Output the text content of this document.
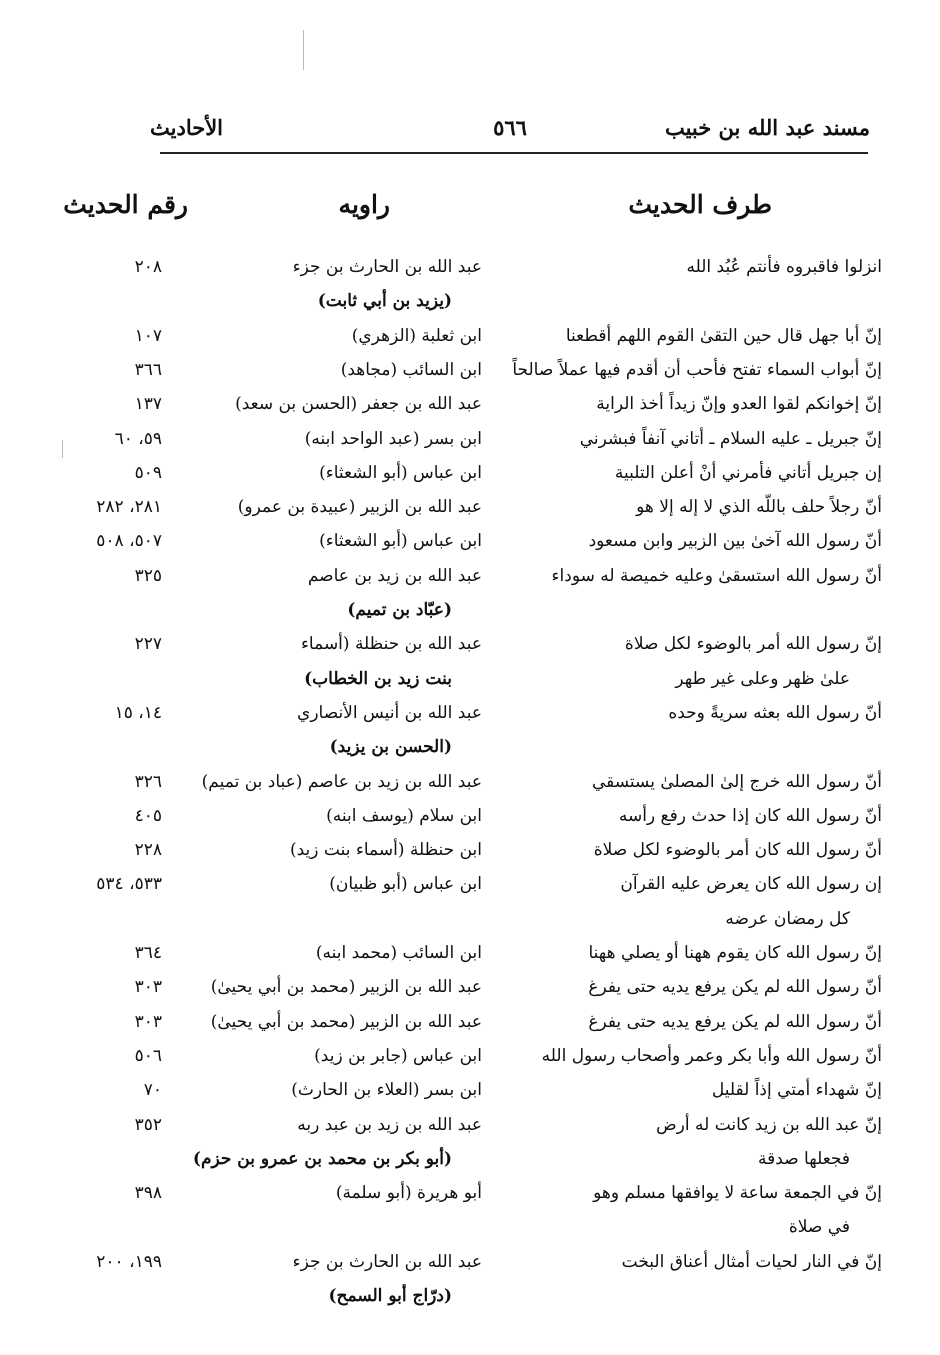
مسند عبد الله بن خبيب
٥٦٦
الأحاديث
طرف الحديث
راويه
رقم الحديث
انزلوا فاقبروه فأنتم عُبُد الله
عبد الله بن الحارث بن جزء
٢٠٨
(يزيد بن أبي ثابت)
إنّ أبا جهل قال حين التقىٰ القوم اللهم أقطعنا
ابن ثعلبة (الزهري)
١٠٧
إنّ أبواب السماء تفتح فأحب أن أقدم فيها عملاً صالحاً
ابن السائب (مجاهد)
٣٦٦
إنّ إخوانكم لقوا العدو وإنّ زيداً أخذ الراية
عبد الله بن جعفر (الحسن بن سعد)
١٣٧
إنّ جبريل ـ عليه السلام ـ أتاني آنفاً فبشرني
ابن بسر (عبد الواحد ابنه)
٥٩، ٦٠
إن جبريل أتاني فأمرني أنْ أعلن التلبية
ابن عباس (أبو الشعثاء)
٥٠٩
أنّ رجلاً حلف باللّه الذي لا إله إلا هو
عبد الله بن الزبير (عبيدة بن عمرو)
٢٨١، ٢٨٢
أنّ رسول الله آخىٰ بين الزبير وابن مسعود
ابن عباس (أبو الشعثاء)
٥٠٧، ٥٠٨
أنّ رسول الله استسقىٰ وعليه خميصة له سوداء
عبد الله بن زيد بن عاصم
٣٢٥
(عبّاد بن تميم)
إنّ رسول الله أمر بالوضوء لكل صلاة
عبد الله بن حنظلة (أسماء
٢٢٧
علىٰ ظهر وعلى غير طهر
بنت زيد بن الخطاب)
أنّ رسول الله بعثه سريةً وحده
عبد الله بن أنيس الأنصاري
١٤، ١٥
(الحسن بن يزيد)
أنّ رسول الله خرج إلىٰ المصلىٰ يستسقي
عبد الله بن زيد بن عاصم (عباد بن تميم)
٣٢٦
أنّ رسول الله كان إذا حدث رفع رأسه
ابن سلام (يوسف ابنه)
٤٠٥
أنّ رسول الله كان أمر بالوضوء لكل صلاة
ابن حنظلة (أسماء بنت زيد)
٢٢٨
إن رسول الله كان يعرض عليه القرآن
ابن عباس (أبو ظبيان)
٥٣٣، ٥٣٤
كل رمضان عرضه
إنّ رسول الله كان يقوم ههنا أو يصلي ههنا
ابن السائب (محمد ابنه)
٣٦٤
أنّ رسول الله لم يكن يرفع يديه حتى يفرغ
عبد الله بن الزبير (محمد بن أبي يحيىٰ)
٣٠٣
أنّ رسول الله لم يكن يرفع يديه حتى يفرغ
عبد الله بن الزبير (محمد بن أبي يحيىٰ)
٣٠٣
أنّ رسول الله وأبا بكر وعمر وأصحاب رسول الله
ابن عباس (جابر بن زيد)
٥٠٦
إنّ شهداء أمتي إذاً لقليل
ابن بسر (العلاء بن الحارث)
٧٠
إنّ عبد الله بن زيد كانت له أرض
عبد الله بن زيد بن عبد ربه
٣٥٢
فجعلها صدقة
(أبو بكر بن محمد بن عمرو بن حزم)
إنّ في الجمعة ساعة لا يوافقها مسلم وهو
أبو هريرة (أبو سلمة)
٣٩٨
في صلاة
إنّ في النار لحيات أمثال أعناق البخت
عبد الله بن الحارث بن جزء
١٩٩، ٢٠٠
(درّاج أبو السمح)
